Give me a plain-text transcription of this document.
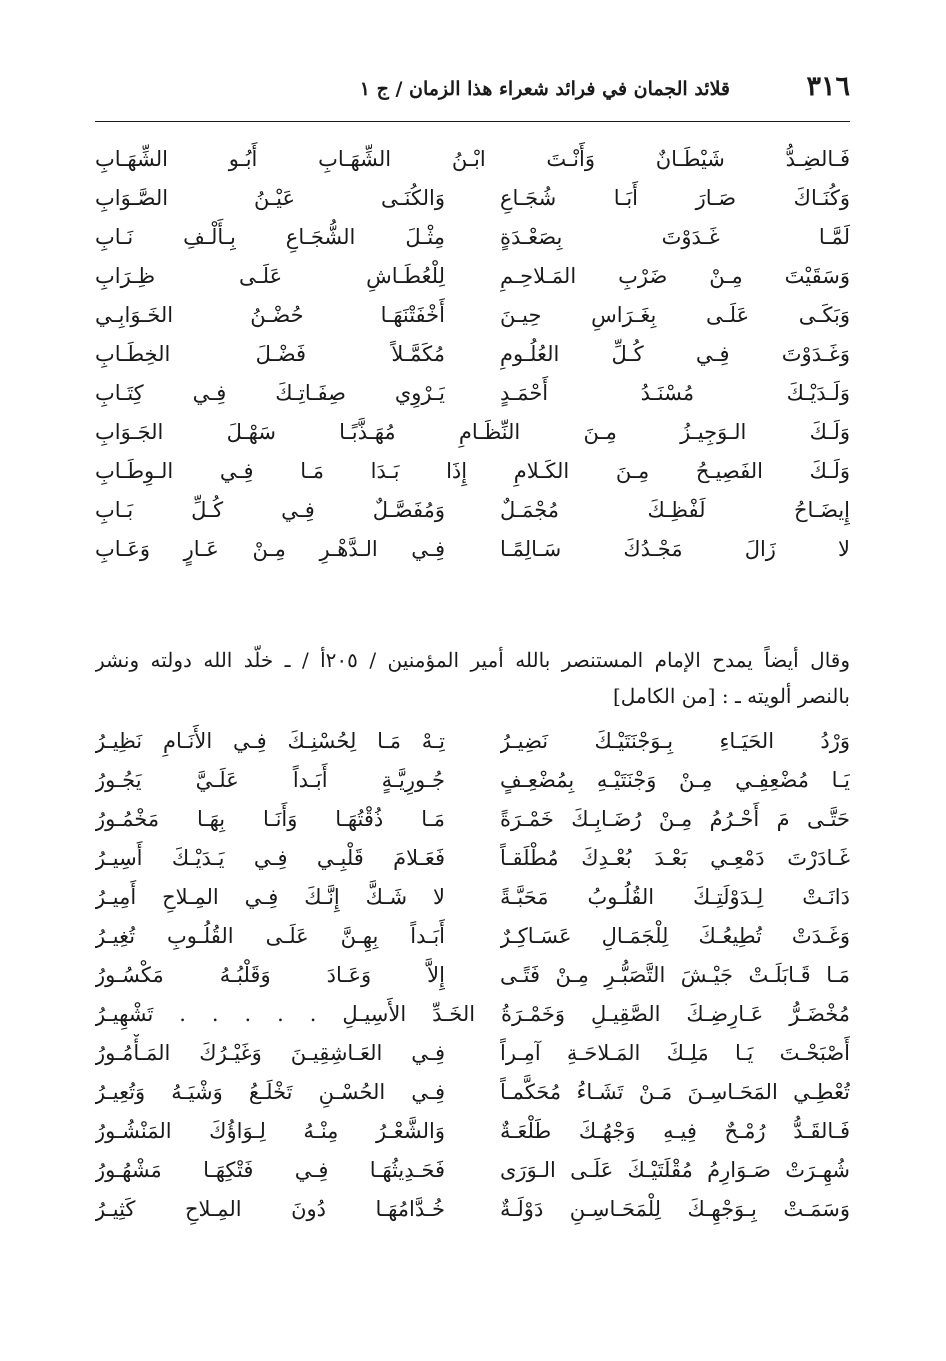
٣١٦
قلائد الجمان في فرائد شعراء هذا الزمان / ج ١
فَـالضِـدُّ شَيْطَـانٌ وَأَنْـتَ ابْـنُ الشِّهَـابِ أَبُـو الشِّهَـابِ
وَكُنَـاكَ صَـارَ أَبَـا شُجَـاعِ
وَالكُنَـى عَيْـنُ الصَّـوَابِ
لَمَّـا غَـدَوْتَ بِصَعْـدَةٍ
مِثْـلَ الشُّجَـاعِ بِـأَلْـفِ نَـابِ
وَسَقَيْتَ مِـنْ ضَرْبِ المَـلاحِـمِ
لِلْعُطَـاشِ عَلَـى ظِـرَابِ
وَبَكَـى عَلَـى بِغَـرَاسِ حِيـنَ
أَخْفَتْنَهَـا حُضْـنُ الخَـوَابِـي
وَغَـدَوْتَ فِـي كُـلِّ العُلُـومِ
مُكَمَّـلاً فَضْـلَ الخِطَـابِ
وَلَـدَيْـكَ مُسْنَـدُ أَحْمَـدٍ
يَـرْوِي صِفَـاتِـكَ فِـي كِتَـابِ
وَلَـكَ الـوَجِيـزُ مِـنَ النِّظَـامِ مُهَـذَّبًـا سَهْـلَ الجَـوَابِ
وَلَـكَ الفَصِيـحُ مِـنَ الكَـلامِ إِذَا بَـدَا مَـا فِـي الـوِطَـابِ
إِيضَـاحُ لَفْظِـكَ مُجْمَـلٌ
وَمُفَصَّـلٌ فِـي كُـلِّ بَـابِ
لا زَالَ مَجْـدُكَ سَـالِمًـا
فِـي الـدَّهْـرِ مِـنْ عَـارٍ وَعَـابِ
وقال أيضاً يمدح الإمام المستنصر بالله أمير المؤمنين / ٢٠٥أ / ـ خلّد الله دولته ونشر
بالنصر ألويته ـ : [من الكامل]
وَرْدُ الحَيَـاءِ بِـوَجْنَتَيْـكَ نَضِيـرُ
تِـهْ مَـا لِحُسْنِـكَ فِـي الأَنَـامِ نَظِيـرُ
يَـا مُضْعِفِـي مِـنْ وَجْنَتَيْـهِ بِمُضْعِـفٍ
جُـورِيَّـةٍ أَبَـداً عَلَـيَّ يَجُـورُ
حَتَّـى مَ أَحْـرُمُ مِـنْ رُضَـابِـكَ خَمْـرَةً
مَـا ذُقْتُهَـا وَأَنَـا بِهَـا مَخْمُـورُ
غَـادَرْتَ دَمْعِـي بَعْـدَ بُعْـدِكَ مُطْلَقـاً
فَعَـلامَ قَلْبِـي فِـي يَـدَيْـكَ أَسِيـرُ
دَانَـتْ لِـدَوْلَتِـكَ القُلُـوبُ مَحَبَّـةً
لا شَـكَّ إِنَّـكَ فِـي المِـلاحِ أَمِيـرُ
وَغَـدَتْ تُطِيعُـكَ لِلْجَمَـالِ عَسَـاكِـرٌ
أَبَـداً بِهِـنَّ عَلَـى القُلُـوبِ تُغِيـرُ
مَـا قَـابَلَـتْ جَيْـشَ التَّصَبُّـرِ مِـنْ فَتًـى
إِلاَّ وَعَـادَ وَقَلْبُـهُ مَكْسُـورُ
مُخْضَـرُّ عَـارِضِـكَ الصَّقِيـلِ وَخَمْـرَةُ الخَـدِّ الأَسِيـلِ . . . . . تَشْهِيـرُ
أَصْبَحْـتَ يَـا مَلِـكَ المَـلاحَـةِ آمِـراً
فِـي العَـاشِقِيـنَ وَغَيْـرُكَ المَـأْمُـورُ
تُعْطِـي المَحَـاسِـنَ مَـنْ تَشَـاءُ مُحَكَّمـاً
فِـي الحُسْـنِ تَخْلَـعُ وَشْيَـهُ وَتُعِيـرُ
فَـالقَـدُّ رُمْـحٌ فِيـهِ وَجْهُـكَ طَلْعَـةٌ
وَالشَّعْـرُ مِنْـهُ لِـوَاؤُكَ المَنْشُـورُ
شُهِـرَتْ صَـوَارِمُ مُقْلَتَيْـكَ عَلَـى الـوَرَى
فَحَـدِيثُهَـا فِـي فَتْكِهَـا مَشْهُـورُ
وَسَمَـتْ بِـوَجْهِـكَ لِلْمَحَـاسِـنِ دَوْلَـةٌ
خُـدَّامُهَـا دُونَ المِـلاحِ كَثِيـرُ
